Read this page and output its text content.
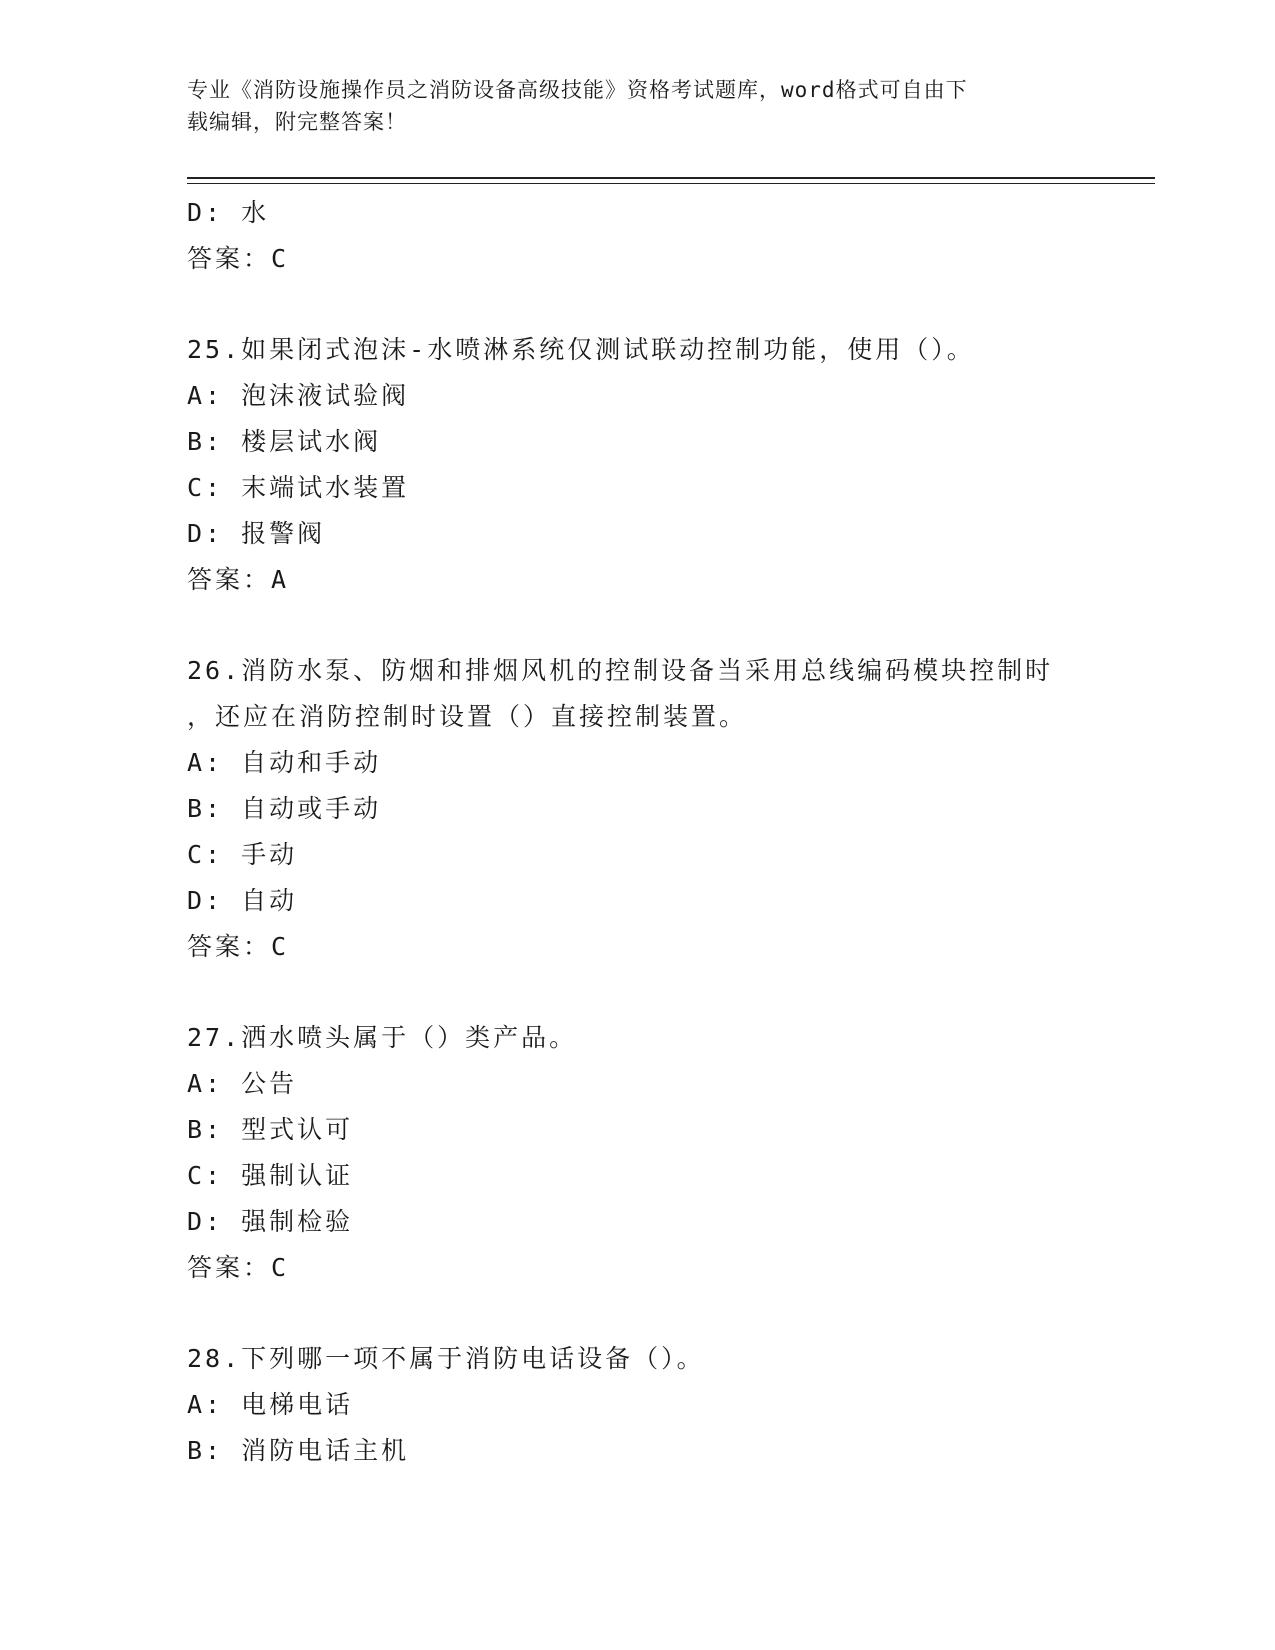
专业《消防设施操作员之消防设备高级技能》资格考试题库，word格式可自由下
载编辑，附完整答案！
D: 水
答案：C
25.如果闭式泡沫-水喷淋系统仅测试联动控制功能，使用（）。
A: 泡沫液试验阀
B: 楼层试水阀
C: 末端试水装置
D: 报警阀
答案：A
26.消防水泵、防烟和排烟风机的控制设备当采用总线编码模块控制时
，还应在消防控制时设置（）直接控制装置。
A: 自动和手动
B: 自动或手动
C: 手动
D: 自动
答案：C
27.洒水喷头属于（）类产品。
A: 公告
B: 型式认可
C: 强制认证
D: 强制检验
答案：C
28.下列哪一项不属于消防电话设备（）。
A: 电梯电话
B: 消防电话主机
